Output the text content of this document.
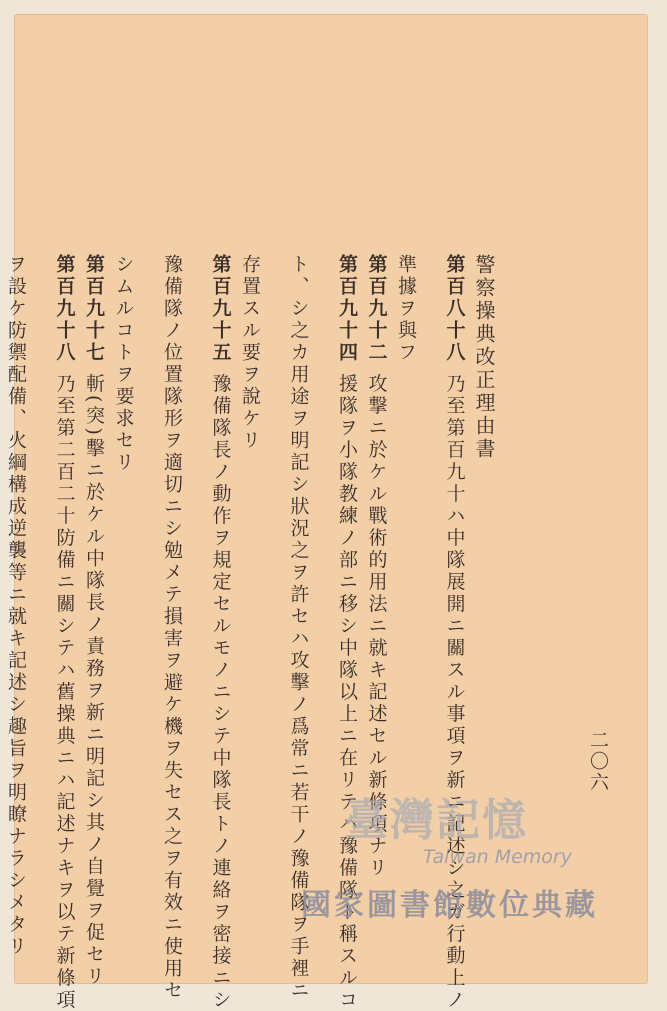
警察操典改正理由書
第百八十八 乃至第百九十ハ中隊展開ニ關スル事項ヲ新ニ記述シ之ガ行動上ノ
準據ヲ與フ
第百九十二 攻撃ニ於ケル戰術的用法ニ就キ記述セル新條項ナリ
第百九十四 援隊ヲ小隊教練ノ部ニ移シ中隊以上ニ在リテハ豫備隊ト稱スルコ
ト、シ之カ用途ヲ明記シ狀況之ヲ許セハ攻擊ノ爲常ニ若干ノ豫備隊ヲ手裡ニ
存置スル要ヲ說ケリ
第百九十五 豫備隊長ノ動作ヲ規定セルモノニシテ中隊長トノ連絡ヲ密接ニシ
豫備隊ノ位置隊形ヲ適切ニシ勉メテ損害ヲ避ケ機ヲ失セス之ヲ有效ニ使用セ
シムルコトヲ要求セリ
第百九十七 斬(突)擊ニ於ケル中隊長ノ責務ヲ新ニ明記シ其ノ自覺ヲ促セリ
第百九十八 乃至第二百二十防備ニ關シテハ舊操典ニハ記述ナキヲ以テ新條項
ヲ設ケ防禦配備、火綱構成逆襲等ニ就キ記述シ趣旨ヲ明瞭ナラシメタリ	二〇六
臺灣記憶
Taiwan Memory
國家圖書館數位典藏
